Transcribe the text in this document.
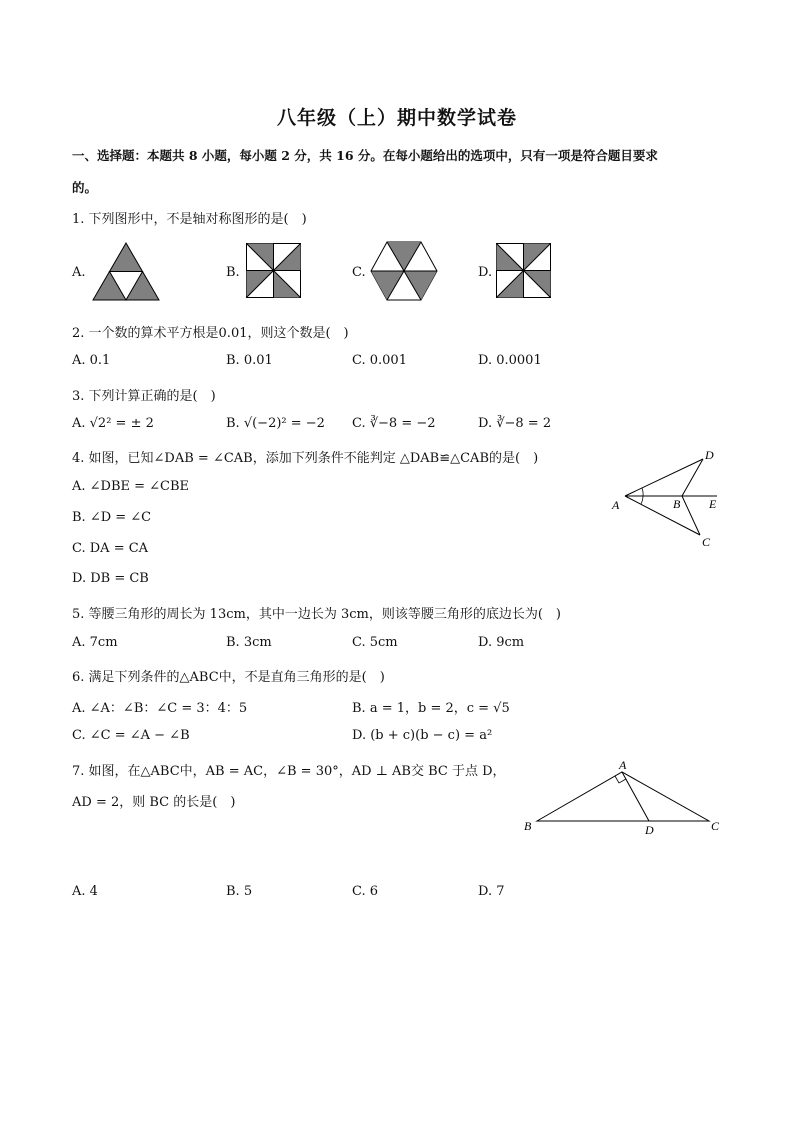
八年级（上）期中数学试卷
一、选择题：本题共 8 小题，每小题 2 分，共 16 分。在每小题给出的选项中，只有一项是符合题目要求
的。
1. 下列图形中，不是轴对称图形的是(　)
A.	B.	C.	D.
2. 一个数的算术平方根是0.01，则这个数是(　)
A. 0.1	B. 0.01	C. 0.001	D. 0.0001
3. 下列计算正确的是(　)
A. √2² = ± 2	B. √(−2)² = −2 C. ∛−8 = −2	D. ∛−8 = 2
4. 如图，已知∠DAB = ∠CAB，添加下列条件不能判定 △DAB≌△CAB的是(　)
A. ∠DBE = ∠CBE
B. ∠D = ∠C
C. DA = CA
D. DB = CB
A	B
C
D
E
5. 等腰三角形的周长为 13cm，其中一边长为 3cm，则该等腰三角形的底边长为(　)
A. 7cm	B. 3cm	C. 5cm	D. 9cm
6. 满足下列条件的△ABC中，不是直角三角形的是(　)
A. ∠A：∠B：∠C = 3：4：5	B. a = 1，b = 2，c = √5
C. ∠C = ∠A − ∠B	D. (b + c)(b − c) = a²
7. 如图，在△ABC中，AB = AC，∠B = 30°，AD ⊥ AB交 BC 于点 D，
AD = 2，则 BC 的长是(　)
A
B	C
D
A. 4	B. 5	C. 6	D. 7
